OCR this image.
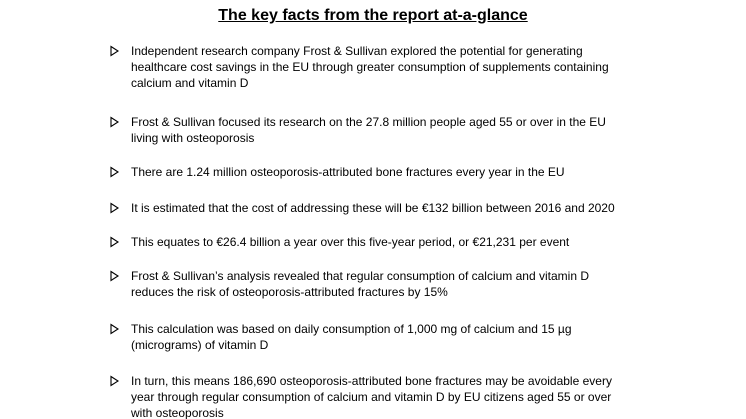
The key facts from the report at-a-glance
Independent research company Frost & Sullivan explored the potential for generating
healthcare cost savings in the EU through greater consumption of supplements containing
calcium and vitamin D
Frost & Sullivan focused its research on the 27.8 million people aged 55 or over in the EU
living with osteoporosis
There are 1.24 million osteoporosis-attributed bone fractures every year in the EU
It is estimated that the cost of addressing these will be €132 billion between 2016 and 2020
This equates to €26.4 billion a year over this five-year period, or €21,231 per event
Frost & Sullivan’s analysis revealed that regular consumption of calcium and vitamin D
reduces the risk of osteoporosis-attributed fractures by 15%
This calculation was based on daily consumption of 1,000 mg of calcium and 15 µg
(micrograms) of vitamin D
In turn, this means 186,690 osteoporosis-attributed bone fractures may be avoidable every
year through regular consumption of calcium and vitamin D by EU citizens aged 55 or over
with osteoporosis
